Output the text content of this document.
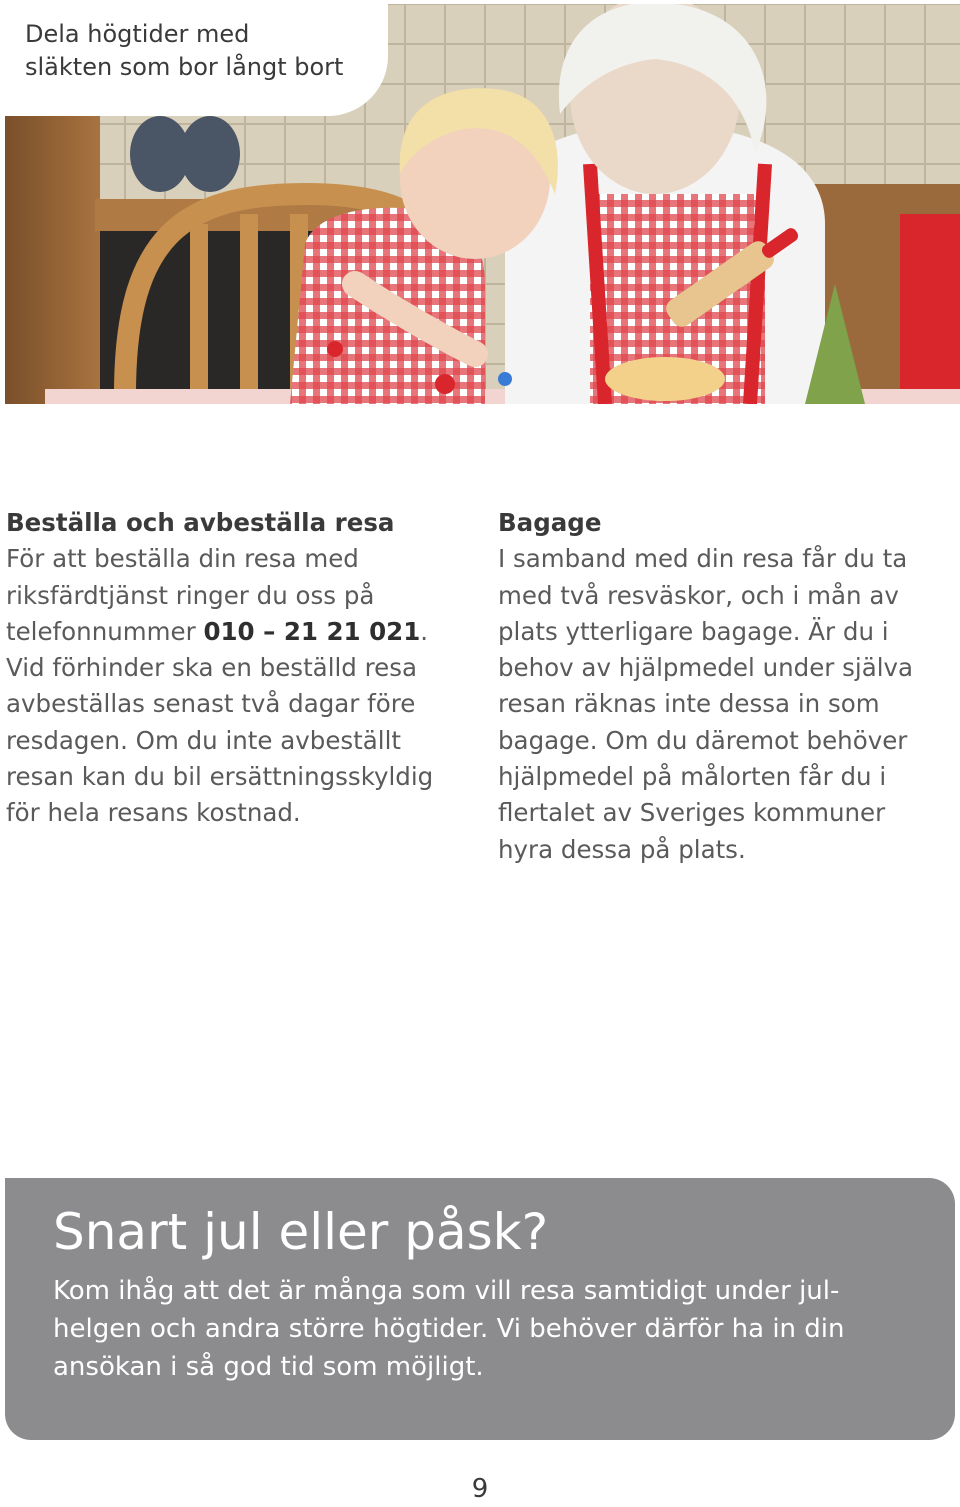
Dela högtider med
släkten som bor långt bort
Beställa och avbeställa resa
För att beställa din resa med
riksfärdtjänst ringer du oss på
telefonnummer 010 – 21 21 021.
Vid förhinder ska en beställd resa
avbeställas senast två dagar före
resdagen. Om du inte avbeställt
resan kan du bil ersättningsskyldig
för hela resans kostnad.
Bagage
I samband med din resa får du ta
med två resväskor, och i mån av
plats ytterligare bagage. Är du i
behov av hjälpmedel under själva
resan räknas inte dessa in som
bagage. Om du däremot behöver
hjälpmedel på målorten får du i
flertalet av Sveriges kommuner
hyra dessa på plats.
Snart jul eller påsk?
Kom ihåg att det är många som vill resa samtidigt under jul-
helgen och andra större högtider. Vi behöver därför ha in din
ansökan i så god tid som möjligt.
9
